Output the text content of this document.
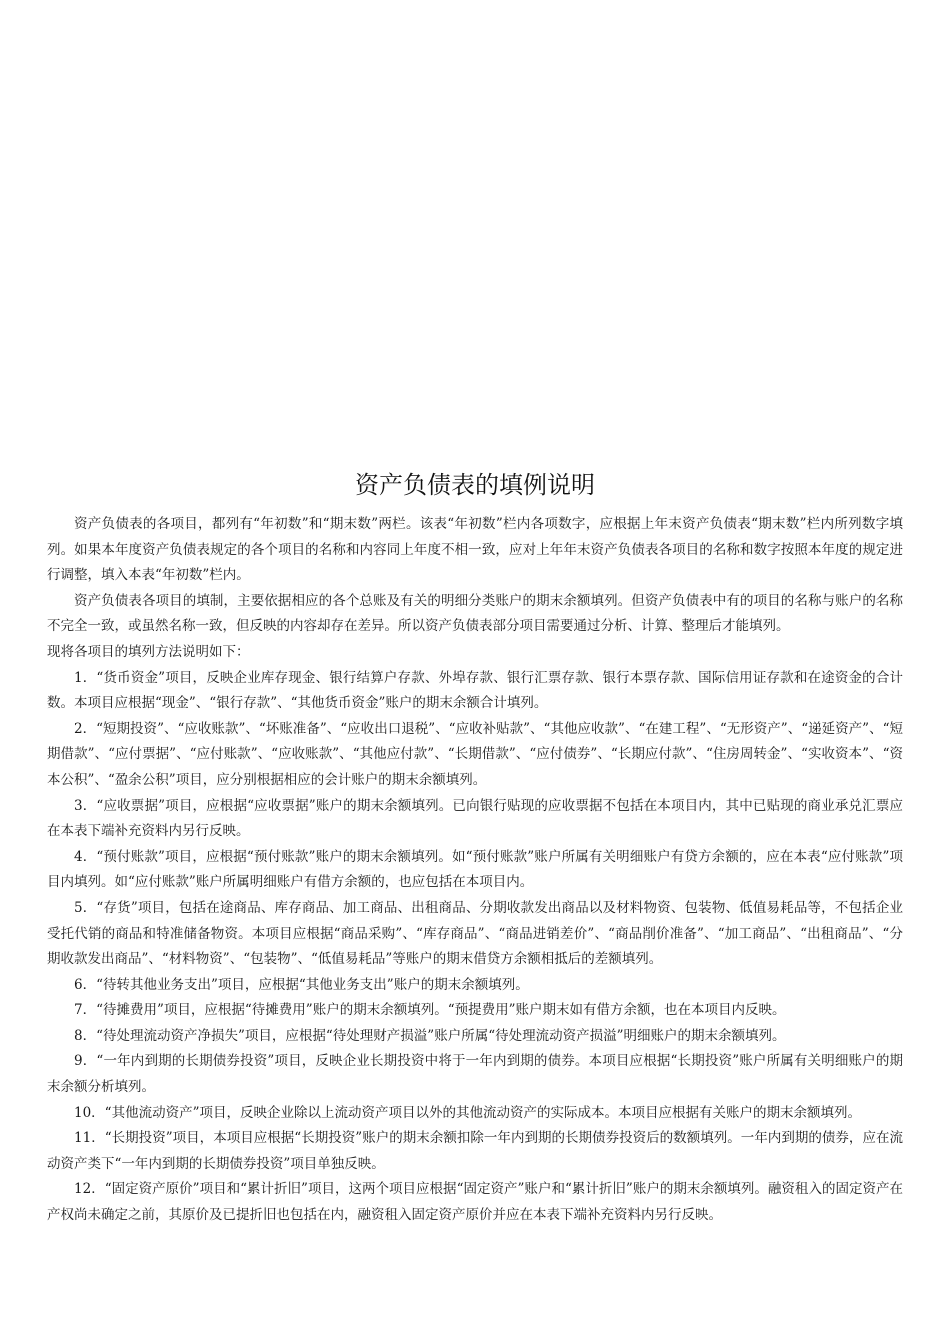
资产负债表的填例说明

资产负债表的各项目，都列有“年初数”和“期末数”两栏。该表“年初数”栏内各项数字，应根据上年末资产负债表“期末数”栏内所列数字填列。如果本年度资产负债表规定的各个项目的名称和内容同上年度不相一致，应对上年年末资产负债表各项目的名称和数字按照本年度的规定进行调整，填入本表“年初数”栏内。

资产负债表各项目的填制，主要依据相应的各个总账及有关的明细分类账户的期末余额填列。但资产负债表中有的项目的名称与账户的名称不完全一致，或虽然名称一致，但反映的内容却存在差异。所以资产负债表部分项目需要通过分析、计算、整理后才能填列。

现将各项目的填列方法说明如下：

1．“货币资金”项目，反映企业库存现金、银行结算户存款、外埠存款、银行汇票存款、银行本票存款、国际信用证存款和在途资金的合计数。本项目应根据“现金”、“银行存款”、“其他货币资金”账户的期末余额合计填列。

2．“短期投资”、“应收账款”、“坏账准备”、“应收出口退税”、“应收补贴款”、“其他应收款”、“在建工程”、“无形资产”、“递延资产”、“短期借款”、“应付票据”、“应付账款”、“应收账款”、“其他应付款”、“长期借款”、“应付债券”、“长期应付款”、“住房周转金”、“实收资本”、“资本公积”、“盈余公积”项目，应分别根据相应的会计账户的期末余额填列。

3．“应收票据”项目，应根据“应收票据”账户的期末余额填列。已向银行贴现的应收票据不包括在本项目内，其中已贴现的商业承兑汇票应在本表下端补充资料内另行反映。

4．“预付账款”项目，应根据“预付账款”账户的期末余额填列。如“预付账款”账户所属有关明细账户有贷方余额的，应在本表“应付账款”项目内填列。如“应付账款”账户所属明细账户有借方余额的，也应包括在本项目内。

5．“存货”项目，包括在途商品、库存商品、加工商品、出租商品、分期收款发出商品以及材料物资、包装物、低值易耗品等，不包括企业受托代销的商品和特准储备物资。本项目应根据“商品采购”、“库存商品”、“商品进销差价”、“商品削价准备”、“加工商品”、“出租商品”、“分期收款发出商品”、“材料物资”、“包装物”、“低值易耗品”等账户的期末借贷方余额相抵后的差额填列。

6．“待转其他业务支出”项目，应根据“其他业务支出”账户的期末余额填列。

7．“待摊费用”项目，应根据“待摊费用”账户的期末余额填列。“预提费用”账户期末如有借方余额，也在本项目内反映。

8．“待处理流动资产净损失”项目，应根据“待处理财产损溢”账户所属“待处理流动资产损溢”明细账户的期末余额填列。

9．“一年内到期的长期债券投资”项目，反映企业长期投资中将于一年内到期的债券。本项目应根据“长期投资”账户所属有关明细账户的期末余额分析填列。

10．“其他流动资产”项目，反映企业除以上流动资产项目以外的其他流动资产的实际成本。本项目应根据有关账户的期末余额填列。

11．“长期投资”项目，本项目应根据“长期投资”账户的期末余额扣除一年内到期的长期债券投资后的数额填列。一年内到期的债券，应在流动资产类下“一年内到期的长期债券投资”项目单独反映。

12．“固定资产原价”项目和“累计折旧”项目，这两个项目应根据“固定资产”账户和“累计折旧”账户的期末余额填列。融资租入的固定资产在产权尚未确定之前，其原价及已提折旧也包括在内，融资租入固定资产原价并应在本表下端补充资料内另行反映。
